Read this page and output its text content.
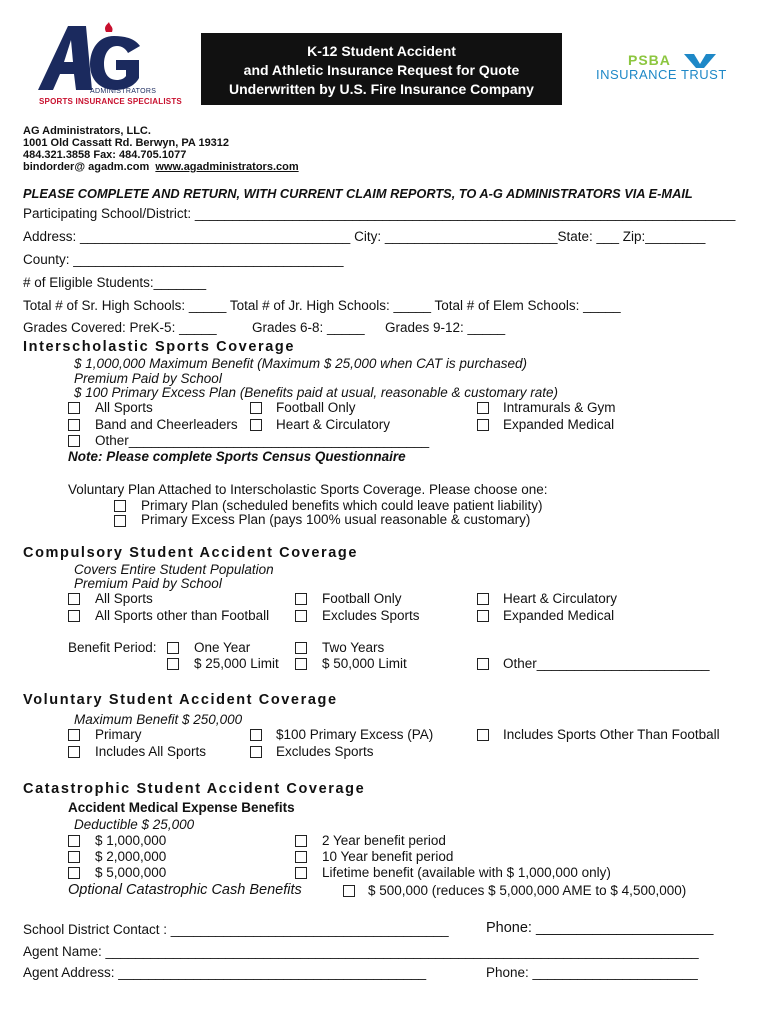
ADMINISTRATORS
SPORTS INSURANCE SPECIALISTS
K-12 Student Accident
and Athletic Insurance Request for Quote
Underwritten by U.S. Fire Insurance Company
PSBA
INSURANCE TRUST
AG Administrators, LLC.
1001 Old Cassatt Rd. Berwyn, PA 19312
484.321.3858 Fax: 484.705.1077
bindorder@ agadm.com www.agadministrators.com
PLEASE COMPLETE AND RETURN, WITH CURRENT CLAIM REPORTS, TO A-G ADMINISTRATORS VIA E-MAIL
Participating School/District: ________________________________________________________________________
Address: ____________________________________ City: _______________________State: ___ Zip:________
County: ____________________________________
# of Eligible Students:_______
Total # of Sr. High Schools: _____ Total # of Jr. High Schools: _____ Total # of Elem Schools: _____
Grades Covered: PreK-5: _____	Grades 6-8: _____ Grades 9-12: _____
Interscholastic Sports Coverage
$ 1,000,000 Maximum Benefit (Maximum $ 25,000 when CAT is purchased)
Premium Paid by School
$ 100 Primary Excess Plan (Benefits paid at usual, reasonable & customary rate)
All Sports	Football Only	Intramurals & Gym
Band and Cheerleaders	Heart & Circulatory	Expanded Medical
Other________________________________________
Note: Please complete Sports Census Questionnaire
Voluntary Plan Attached to Interscholastic Sports Coverage. Please choose one:
Primary Plan (scheduled benefits which could leave patient liability)
Primary Excess Plan (pays 100% usual reasonable & customary)
Compulsory Student Accident Coverage
Covers Entire Student Population
Premium Paid by School
All Sports	Football Only	Heart & Circulatory
All Sports other than Football	Excludes Sports	Expanded Medical
Benefit Period:	One Year	Two Years
$ 25,000 Limit	$ 50,000 Limit	Other_______________________
Voluntary Student Accident Coverage
Maximum Benefit $ 250,000
Primary	$100 Primary Excess (PA)	Includes Sports Other Than Football
Includes All Sports	Excludes Sports
Catastrophic Student Accident Coverage
Accident Medical Expense Benefits
Deductible $ 25,000
$ 1,000,000	2 Year benefit period
$ 2,000,000	10 Year benefit period
$ 5,000,000	Lifetime benefit (available with $ 1,000,000 only)
Optional Catastrophic Cash Benefits	$ 500,000 (reduces $ 5,000,000 AME to $ 4,500,000)
School District Contact : _____________________________________	Phone: ______________________
Agent Name: _______________________________________________________________________________
Agent Address: _________________________________________	Phone: ______________________
